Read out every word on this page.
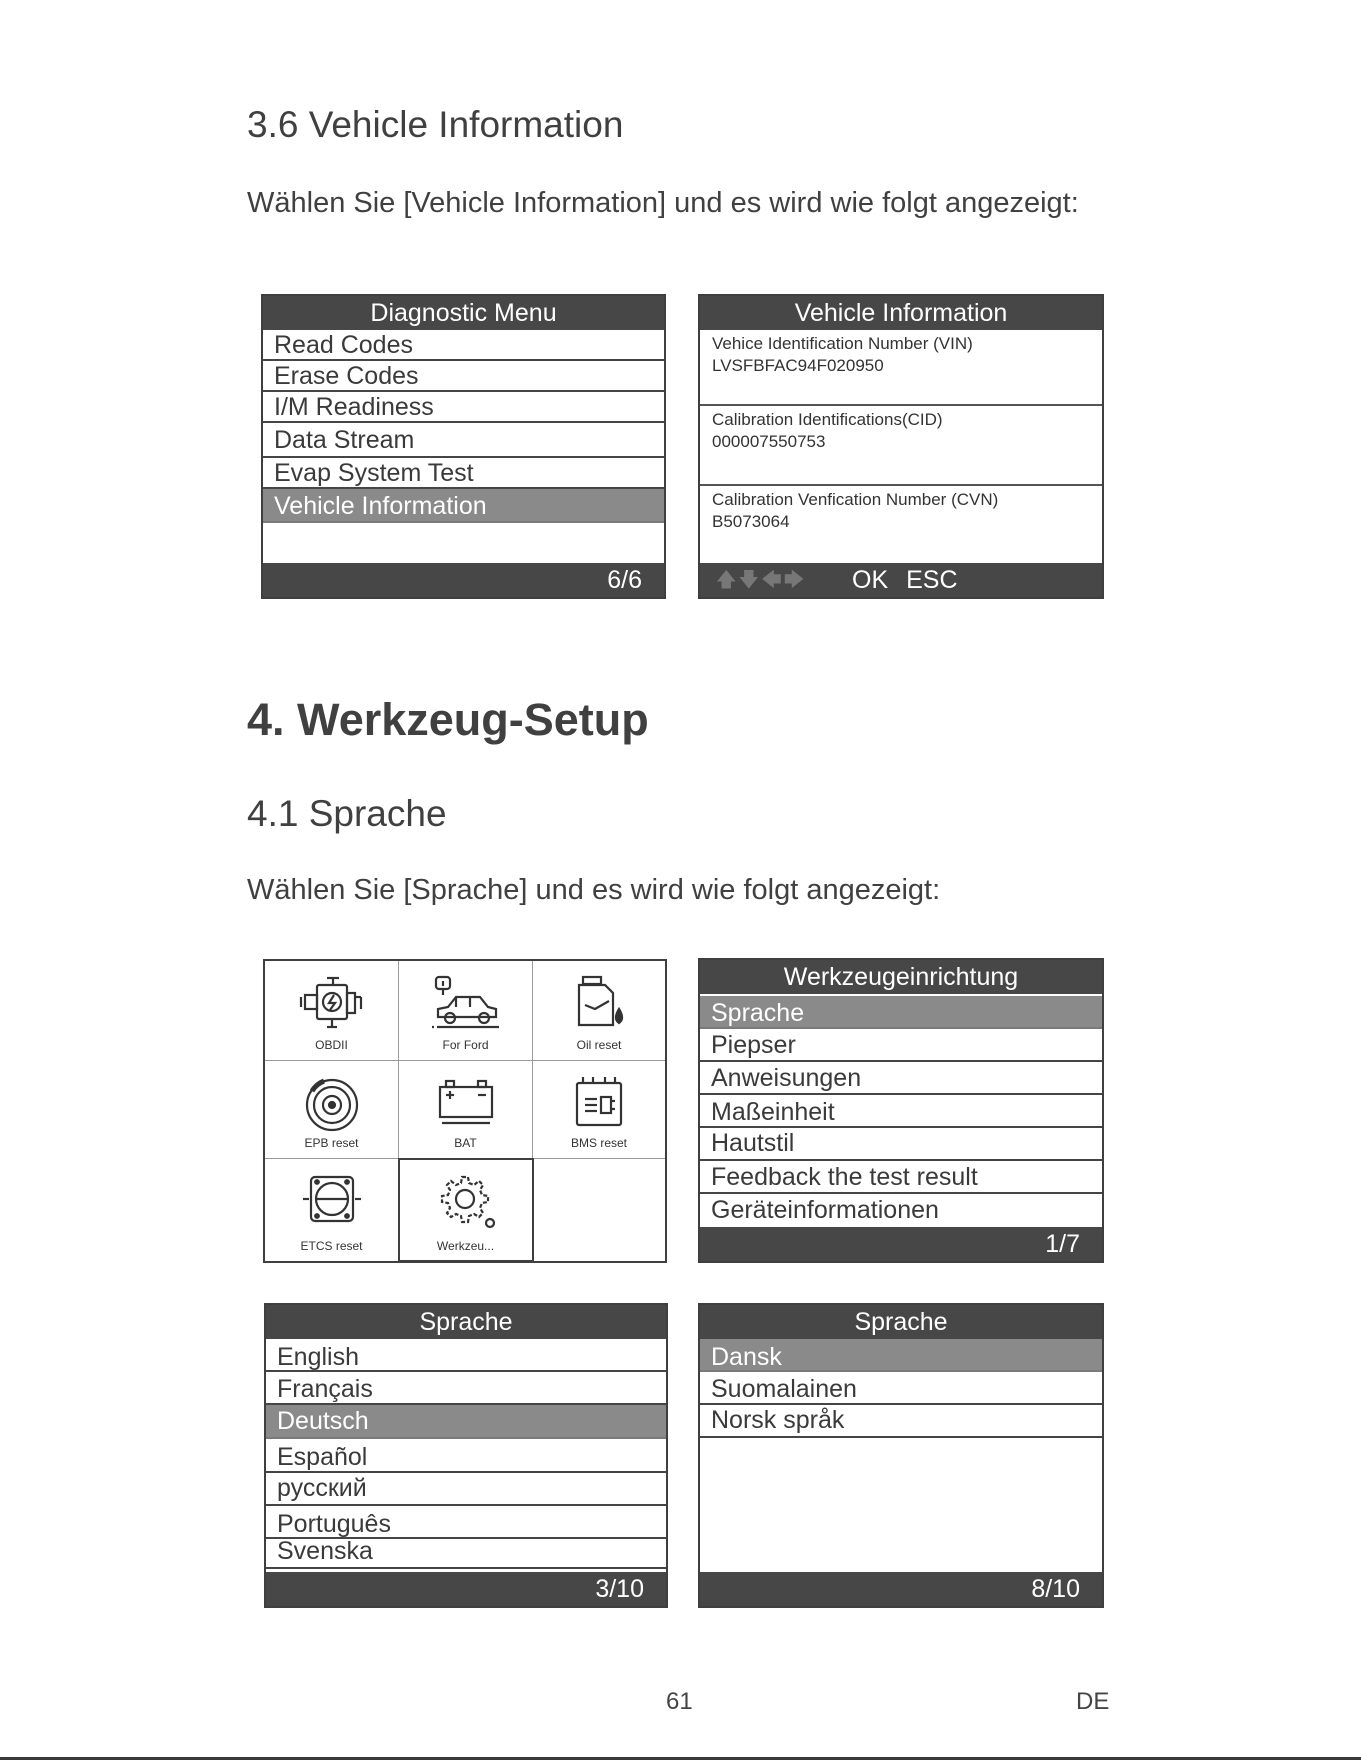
3.6 Vehicle Information

Wählen Sie [Vehicle Information] und es wird wie folgt angezeigt:

Diagnostic Menu
Read Codes
Erase Codes
I/M Readiness
Data Stream
Evap System Test
Vehicle Information
6/6
Vehicle Information
Vehice Identification Number (VIN)
LVSFBFAC94F020950
Calibration Identifications(CID)
000007550753
Calibration Venfication Number (CVN)
B5073064
🡅🡇🡄🡆 OK ESC
4. Werkzeug-Setup
4.1 Sprache

Wählen Sie [Sprache] und es wird wie folgt angezeigt:

OBDII	For Ford	Oil reset
EPB reset	BAT	BMS reset
ETCS reset	Werkzeu...
Werkzeugeinrichtung
Sprache
Piepser
Anweisungen
Maßeinheit
Hautstil
Feedback the test result
Geräteinformationen
1/7
Sprache
English
Français
Deutsch
Español
русский
Português
Svenska
3/10
Sprache
Dansk
Suomalainen
Norsk språk
8/10
61	DE
